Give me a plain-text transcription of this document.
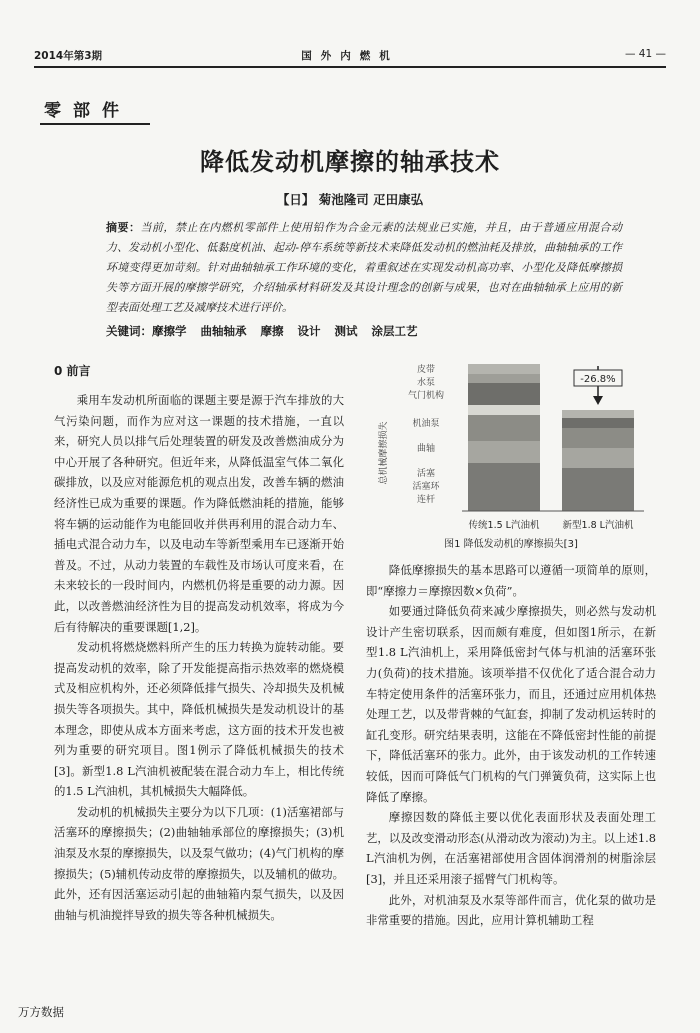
2014年第3期	国外内燃机	— 41 —
零部件
降低发动机摩擦的轴承技术
【日】 菊池隆司 疋田康弘
摘要：当前，禁止在内燃机零部件上使用铅作为合金元素的法规业已实施，并且，由于普通应用混合动力、发动机小型化、低黏度机油、起动-停车系统等新技术来降低发动机的燃油耗及排放，曲轴轴承的工作环境变得更加苛刻。针对曲轴轴承工作环境的变化，着重叙述在实现发动机高功率、小型化及降低摩擦损失等方面开展的摩擦学研究，介绍轴承材料研发及其设计理念的创新与成果，也对在曲轴轴承上应用的新型表面处理工艺及减摩技术进行评价。
关键词：摩擦学 曲轴轴承 摩擦 设计 测试 涂层工艺
0 前言

乘用车发动机所面临的课题主要是源于汽车排放的大气污染问题，而作为应对这一课题的技术措施，一直以来，研究人员以排气后处理装置的研发及改善燃油成分为中心开展了各种研究。但近年来，从降低温室气体二氧化碳排放，以及应对能源危机的观点出发，改善车辆的燃油经济性已成为重要的课题。作为降低燃油耗的措施，能够将车辆的运动能作为电能回收并供再利用的混合动力车、插电式混合动力车，以及电动车等新型乘用车已逐渐开始普及。不过，从动力装置的车载性及市场认可度来看，在未来较长的一段时间内，内燃机仍将是重要的动力源。因此，以改善燃油经济性为目的提高发动机效率，将成为今后有待解决的重要课题[1,2]。

发动机将燃烧燃料所产生的压力转换为旋转动能。要提高发动机的效率，除了开发能提高指示热效率的燃烧模式及相应机构外，还必须降低排气损失、冷却损失及机械损失等各项损失。其中，降低机械损失是发动机设计的基本理念，即使从成本方面来考虑，这方面的技术开发也被列为重要的研究项目。图1例示了降低机械损失的技术[3]。新型1.8 L汽油机被配装在混合动力车上，相比传统的1.5 L汽油机，其机械损失大幅降低。

发动机的机械损失主要分为以下几项：(1)活塞裙部与活塞环的摩擦损失；(2)曲轴轴承部位的摩擦损失；(3)机油泵及水泵的摩擦损失，以及泵气做功；(4)气门机构的摩擦损失；(5)辅机传动皮带的摩擦损失，以及辅机的做功。此外，还有因活塞运动引起的曲轴箱内泵气损失，以及因曲轴与机油搅拌导致的损失等各种机械损失。

总机械摩擦损失
皮带
水泵
气门机构
机油泵
曲轴
活塞
活塞环
连杆
-26.8%
传统1.5 L汽油机 新型1.8 L汽油机
图1 降低发动机的摩擦损失[3]

降低摩擦损失的基本思路可以遵循一项简单的原则，即“摩擦力＝摩擦因数×负荷”。

如要通过降低负荷来减少摩擦损失，则必然与发动机设计产生密切联系，因而颇有难度，但如图1所示，在新型1.8 L汽油机上，采用降低密封气体与机油的活塞环张力(负荷)的技术措施。该项举措不仅优化了适合混合动力车特定使用条件的活塞环张力，而且，还通过应用机体热处理工艺，以及带背棘的气缸套，抑制了发动机运转时的缸孔变形。研究结果表明，这能在不降低密封性能的前提下，降低活塞环的张力。此外，由于该发动机的工作转速较低，因而可降低气门机构的气门弹簧负荷，这实际上也降低了摩擦。

摩擦因数的降低主要以优化表面形状及表面处理工艺，以及改变滑动形态(从滑动改为滚动)为主。以上述1.8 L汽油机为例，在活塞裙部使用含固体润滑剂的树脂涂层[3]，并且还采用滚子摇臂气门机构等。

此外，对机油泵及水泵等部件而言，优化泵的做功是非常重要的措施。因此，应用计算机辅助工程

万方数据
